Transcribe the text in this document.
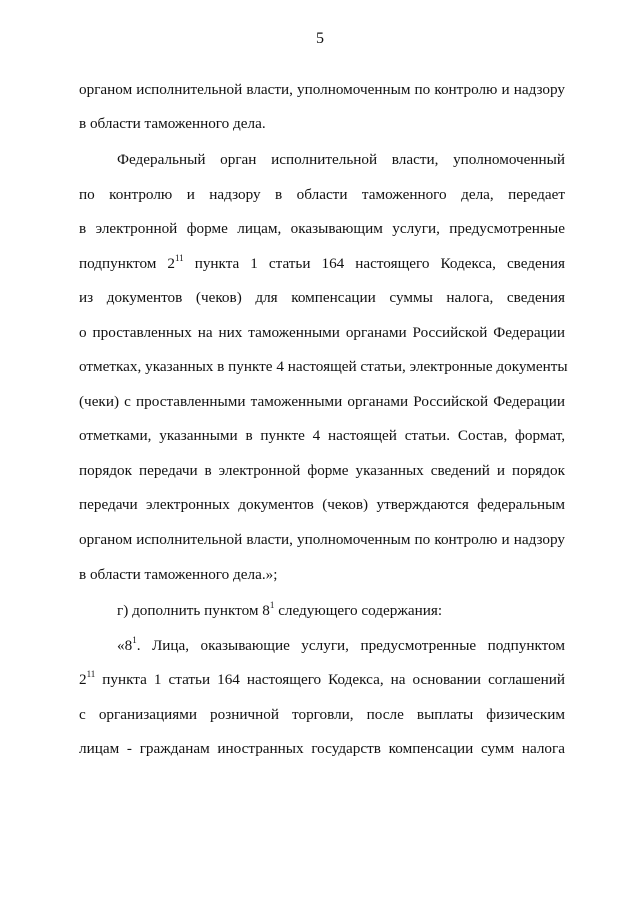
5
органом исполнительной власти, уполномоченным по контролю и надзору
в области таможенного дела.
Федеральный орган исполнительной власти, уполномоченный
по контролю и надзору в области таможенного дела, передает
в электронной форме лицам, оказывающим услуги, предусмотренные
подпунктом $2^{11}$ пункта 1 статьи 164 настоящего Кодекса, сведения
из документов (чеков) для компенсации суммы налога, сведения
о проставленных на них таможенными органами Российской Федерации
отметках, указанных в пункте 4 настоящей статьи, электронные документы
(чеки) с проставленными таможенными органами Российской Федерации
отметками, указанными в пункте 4 настоящей статьи. Состав, формат,
порядок передачи в электронной форме указанных сведений и порядок
передачи электронных документов (чеков) утверждаются федеральным
органом исполнительной власти, уполномоченным по контролю и надзору
в области таможенного дела.»;
г) дополнить пунктом $8^1$ следующего содержания:
«$8^1$. Лица, оказывающие услуги, предусмотренные подпунктом
$2^{11}$ пункта 1 статьи 164 настоящего Кодекса, на основании соглашений
с организациями розничной торговли, после выплаты физическим
лицам - гражданам иностранных государств компенсации сумм налога
